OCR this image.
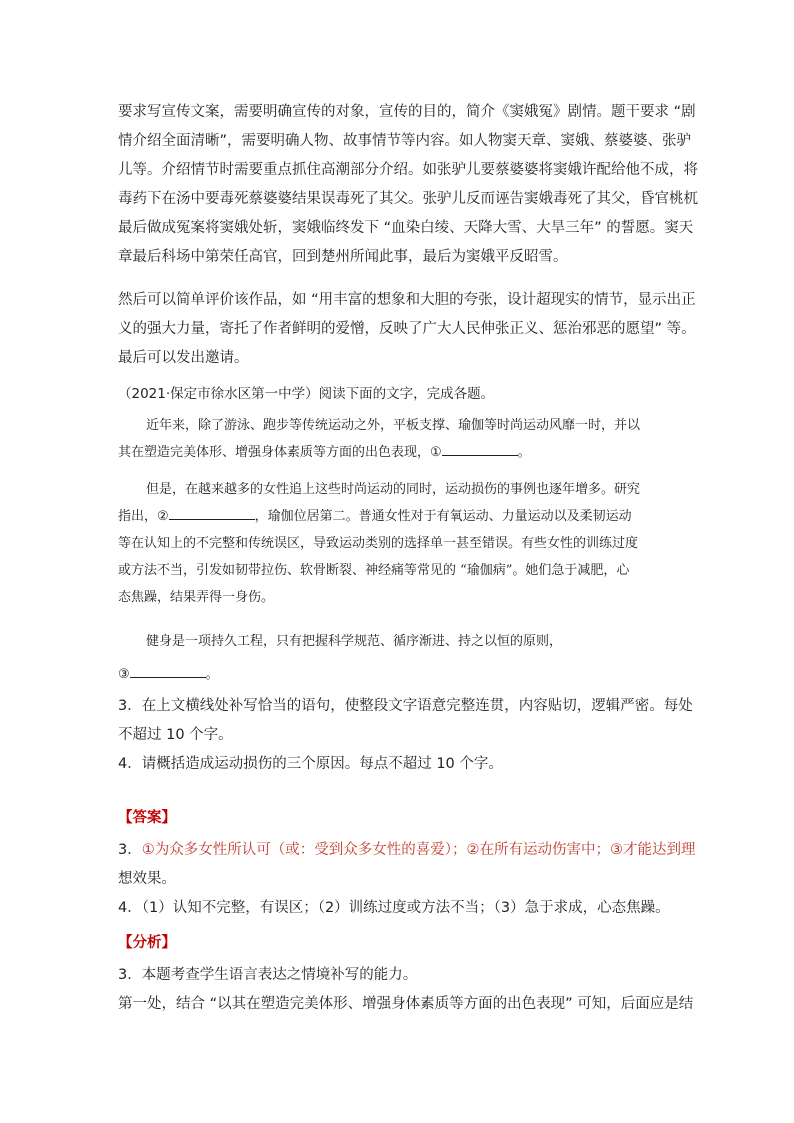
要求写宣传文案，需要明确宣传的对象，宣传的目的，简介《窦娥冤》剧情。题干要求 “剧
情介绍全面清晰”，需要明确人物、故事情节等内容。如人物窦天章、窦娥、蔡婆婆、张驴
儿等。介绍情节时需要重点抓住高潮部分介绍。如张驴儿要蔡婆婆将窦娥许配给他不成，将
毒药下在汤中要毒死蔡婆婆结果误毒死了其父。张驴儿反而诬告窦娥毒死了其父，昏官桃杌
最后做成冤案将窦娥处斩，窦娥临终发下 “血染白绫、天降大雪、大旱三年” 的誓愿。窦天
章最后科场中第荣任高官，回到楚州所闻此事，最后为窦娥平反昭雪。
然后可以简单评价该作品，如 “用丰富的想象和大胆的夸张，设计超现实的情节，显示出正
义的强大力量，寄托了作者鲜明的爱憎，反映了广大人民伸张正义、惩治邪恶的愿望” 等。
最后可以发出邀请。
（2021·保定市徐水区第一中学）阅读下面的文字，完成各题。
近年来，除了游泳、跑步等传统运动之外，平板支撑、瑜伽等时尚运动风靡一时，并以
其在塑造完美体形、增强身体素质等方面的出色表现，①	。
但是，在越来越多的女性追上这些时尚运动的同时，运动损伤的事例也逐年增多。研究
指出，②	，瑜伽位居第二。普通女性对于有氧运动、力量运动以及柔韧运动
等在认知上的不完整和传统误区，导致运动类别的选择单一甚至错误。有些女性的训练过度
或方法不当，引发如韧带拉伤、软骨断裂、神经痛等常见的 “瑜伽病”。她们急于减肥，心
态焦躁，结果弄得一身伤。
健身是一项持久工程，只有把握科学规范、循序渐进、持之以恒的原则，
③	。
3．在上文横线处补写恰当的语句，使整段文字语意完整连贯，内容贴切，逻辑严密。每处
不超过 10 个字。
4．请概括造成运动损伤的三个原因。每点不超过 10 个字。
【答案】
3．①为众多女性所认可（或：受到众多女性的喜爱）；②在所有运动伤害中；③才能达到理
想效果。
4．（1）认知不完整，有误区；（2）训练过度或方法不当；（3）急于求成，心态焦躁。
【分析】
3．本题考查学生语言表达之情境补写的能力。
第一处，结合 “以其在塑造完美体形、增强身体素质等方面的出色表现” 可知，后面应是结
